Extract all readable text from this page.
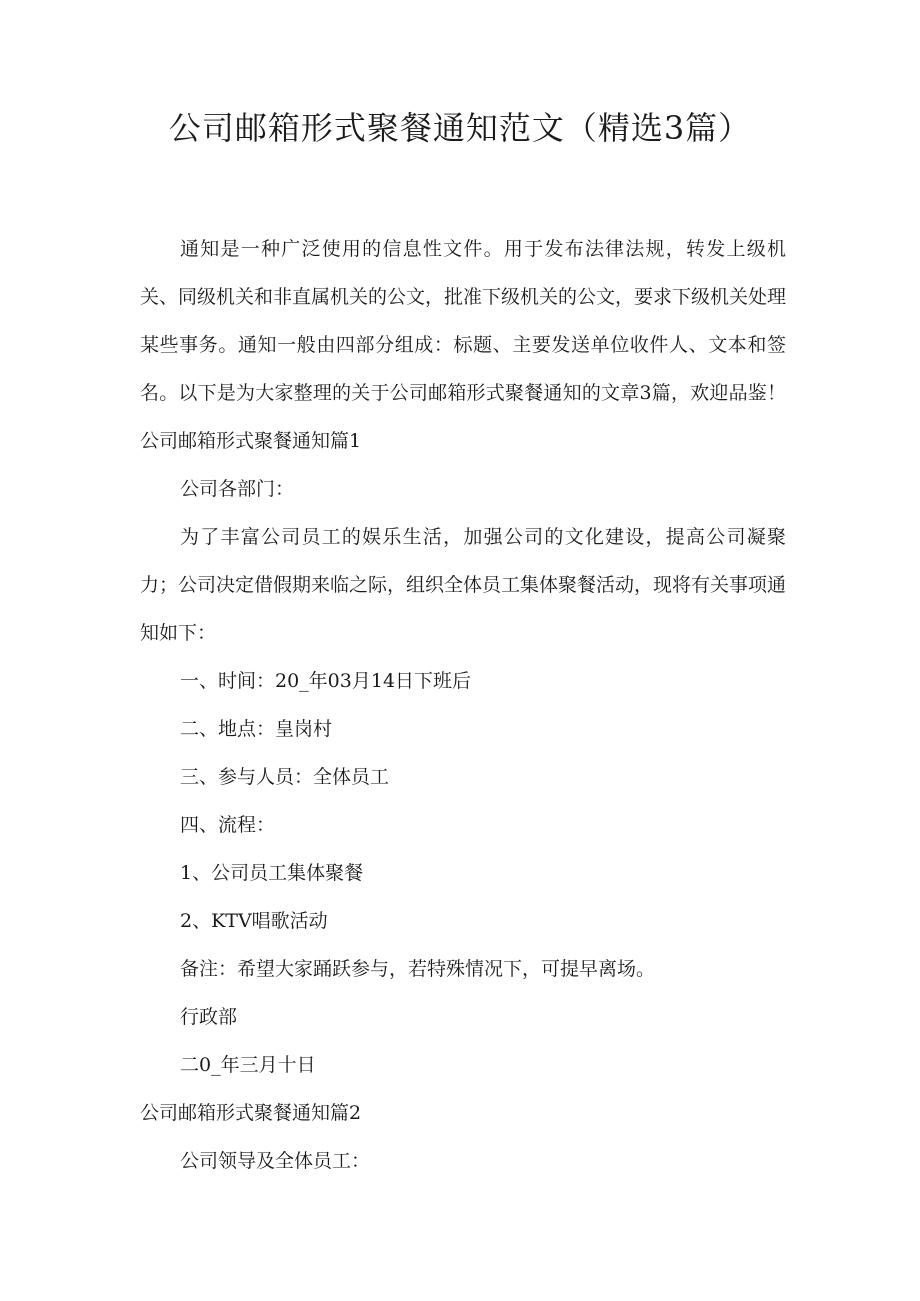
公司邮箱形式聚餐通知范文（精选3篇）

通知是一种广泛使用的信息性文件。用于发布法律法规，转发上级机关、同级机关和非直属机关的公文，批准下级机关的公文，要求下级机关处理某些事务。通知一般由四部分组成：标题、主要发送单位收件人、文本和签名。以下是为大家整理的关于公司邮箱形式聚餐通知的文章3篇，欢迎品鉴！公司邮箱形式聚餐通知篇1

公司各部门：

为了丰富公司员工的娱乐生活，加强公司的文化建设，提高公司凝聚力；公司决定借假期来临之际，组织全体员工集体聚餐活动，现将有关事项通知如下：

一、时间：20_年03月14日下班后

二、地点：皇岗村

三、参与人员：全体员工

四、流程：

1、公司员工集体聚餐

2、KTV唱歌活动

备注：希望大家踊跃参与，若特殊情况下，可提早离场。

行政部

二0_年三月十日

公司邮箱形式聚餐通知篇2

公司领导及全体员工：
